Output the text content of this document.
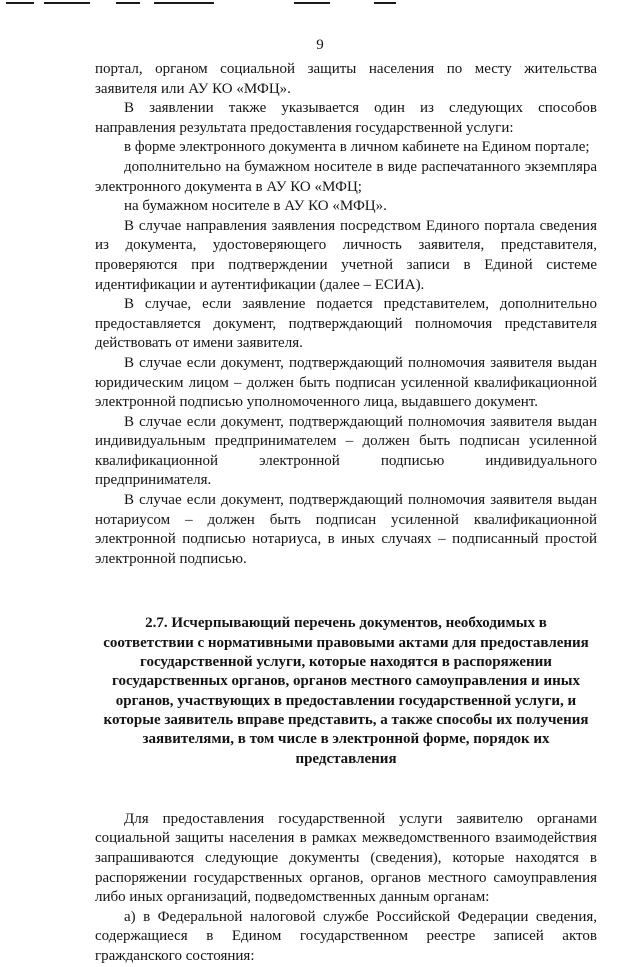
9

портал, органом социальной защиты населения по месту жительства заявителя или АУ КО «МФЦ».

В заявлении также указывается один из следующих способов направления результата предоставления государственной услуги:

в форме электронного документа в личном кабинете на Едином портале;

дополнительно на бумажном носителе в виде распечатанного экземпляра электронного документа в АУ КО «МФЦ;

на бумажном носителе в АУ КО «МФЦ».

В случае направления заявления посредством Единого портала сведения из документа, удостоверяющего личность заявителя, представителя, проверяются при подтверждении учетной записи в Единой системе идентификации и аутентификации (далее – ЕСИА).

В случае, если заявление подается представителем, дополнительно предоставляется документ, подтверждающий полномочия представителя действовать от имени заявителя.

В случае если документ, подтверждающий полномочия заявителя выдан юридическим лицом – должен быть подписан усиленной квалификационной электронной подписью уполномоченного лица, выдавшего документ.

В случае если документ, подтверждающий полномочия заявителя выдан индивидуальным предпринимателем – должен быть подписан усиленной квалификационной электронной подписью индивидуального предпринимателя.

В случае если документ, подтверждающий полномочия заявителя выдан нотариусом – должен быть подписан усиленной квалификационной электронной подписью нотариуса, в иных случаях – подписанный простой электронной подписью.

2.7. Исчерпывающий перечень документов, необходимых в соответствии с нормативными правовыми актами для предоставления государственной услуги, которые находятся в распоряжении государственных органов, органов местного самоуправления и иных органов, участвующих в предоставлении государственной услуги, и которые заявитель вправе представить, а также способы их получения заявителями, в том числе в электронной форме, порядок их представления

Для предоставления государственной услуги заявителю органами социальной защиты населения в рамках межведомственного взаимодействия запрашиваются следующие документы (сведения), которые находятся в распоряжении государственных органов, органов местного самоуправления либо иных организаций, подведомственных данным органам:

а) в Федеральной налоговой службе Российской Федерации сведения, содержащиеся в Едином государственном реестре записей актов гражданского состояния:
